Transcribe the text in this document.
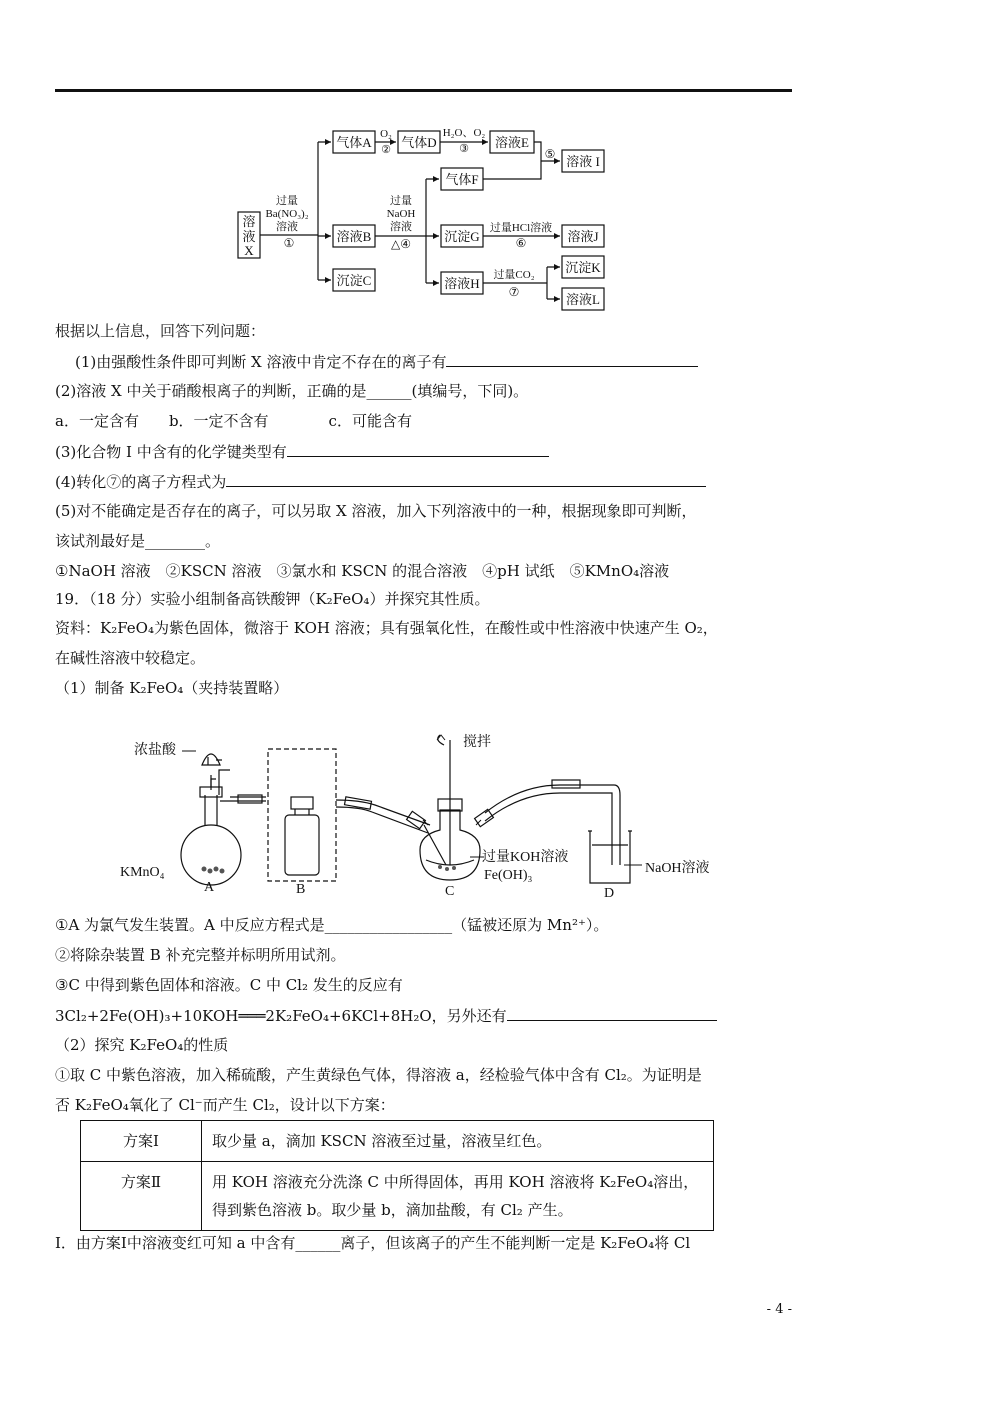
溶
液
X
气体A 气体D	溶液E
溶液 I
气体F
溶液B	沉淀G	溶液J
沉淀C	溶液H
沉淀K
溶液L
过量
Ba(NO₃)₂
溶液
①
O₂
②
H₂O、O₂
③	⑤
过量
NaOH
溶液
△④
过量HCl溶液
⑥
过量CO₂
⑦
根据以上信息，回答下列问题：
(1)由强酸性条件即可判断 X 溶液中肯定不存在的离子有
(2)溶液 X 中关于硝酸根离子的判断，正确的是______(填编号，下同)。
a．一定含有　　b．一定不含有　　　　c．可能含有
(3)化合物 I 中含有的化学键类型有
(4)转化⑦的离子方程式为
(5)对不能确定是否存在的离子，可以另取 X 溶液，加入下列溶液中的一种，根据现象即可判断，
该试剂最好是________。
①NaOH 溶液　②KSCN 溶液　③氯水和 KSCN 的混合溶液　④pH 试纸　⑤KMnO₄溶液
19．（18 分）实验小组制备高铁酸钾（K₂FeO₄）并探究其性质。
资料：K₂FeO₄为紫色固体，微溶于 KOH 溶液；具有强氧化性，在酸性或中性溶液中快速产生 O₂，
在碱性溶液中较稳定。
（1）制备 K₂FeO₄（夹持装置略）
浓盐酸
KMnO₄
搅拌
过量KOH溶液
Fe(OH)₃	NaOH溶液
A	B	C	D
①A 为氯气发生装置。A 中反应方程式是_________________（锰被还原为 Mn²⁺）。
②将除杂装置 B 补充完整并标明所用试剂。
③C 中得到紫色固体和溶液。C 中 Cl₂ 发生的反应有
3Cl₂+2Fe(OH)₃+10KOH═══2K₂FeO₄+6KCl+8H₂O，另外还有
（2）探究 K₂FeO₄的性质
①取 C 中紫色溶液，加入稀硫酸，产生黄绿色气体，得溶液 a，经检验气体中含有 Cl₂。为证明是
否 K₂FeO₄氧化了 Cl⁻而产生 Cl₂，设计以下方案：
方案Ⅰ	取少量 a，滴加 KSCN 溶液至过量，溶液呈红色。
方案Ⅱ	用 KOH 溶液充分洗涤 C 中所得固体，再用 KOH 溶液将 K₂FeO₄溶出，得到紫色溶液 b。取少量 b，滴加盐酸，有 Cl₂ 产生。
Ⅰ．由方案Ⅰ中溶液变红可知 a 中含有______离子，但该离子的产生不能判断一定是 K₂FeO₄将 Cl
- 4 -
